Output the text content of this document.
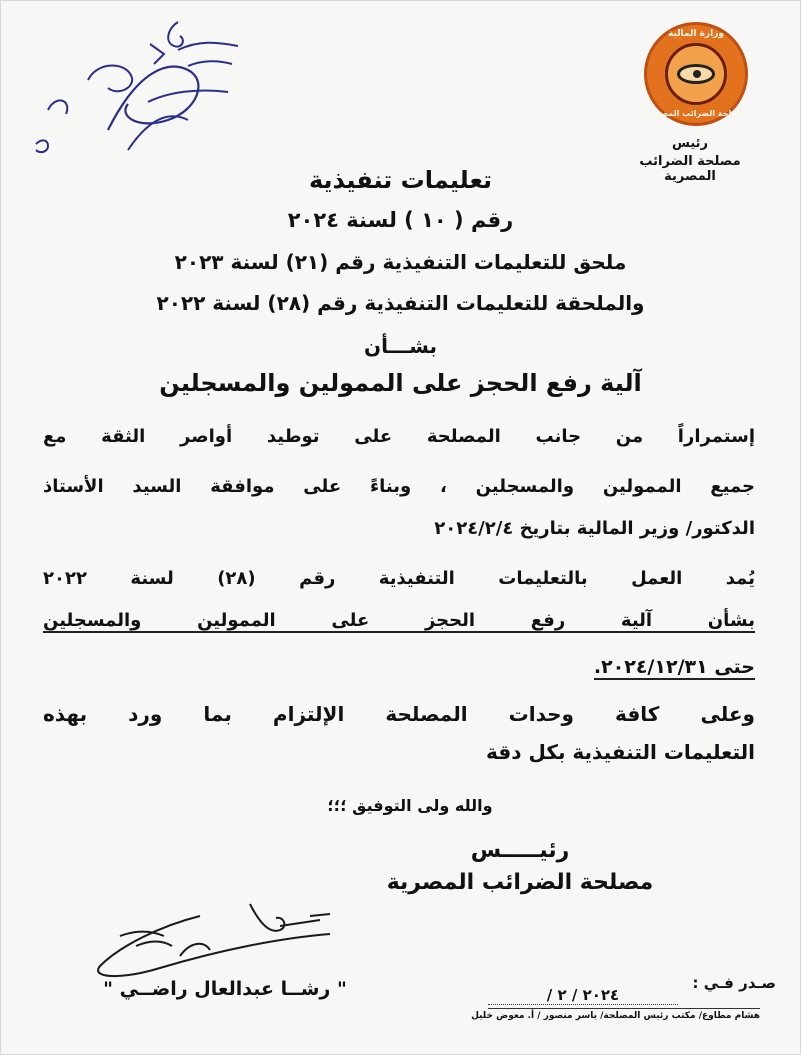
وزارة المالية
مصلحة الضرائب المصرية
رئيس
مصلحة الضرائب المصرية
تعليمات تنفيذية
رقم ( ١٠ ) لسنة ٢٠٢٤
ملحق للتعليمات التنفيذية رقم (٢١) لسنة ٢٠٢٣
والملحقة للتعليمات التنفيذية رقم (٢٨) لسنة ٢٠٢٢
بشـــأن
آلية رفع الحجز على الممولين والمسجلين
إستمراراً من جانب المصلحة على توطيد أواصر الثقة مع
جميع الممولين والمسجلين ، وبناءً على موافقة السيد الأستاذ
الدكتور/ وزير المالية بتاريخ ٢٠٢٤/٢/٤
يُمد العمل بالتعليمات التنفيذية رقم (٢٨) لسنة ٢٠٢٢
بشأن آلية رفع الحجز على الممولين والمسجلين
حتى ٢٠٢٤/١٢/٣١.
وعلى كافة وحدات المصلحة الإلتزام بما ورد بهذه
التعليمات التنفيذية بكل دقة
والله ولى التوفيق ؛؛؛
رئيـــــس
مصلحة الضرائب المصرية
" رشــا عبدالعال راضــي "	صـدر فـي :
٢٠٢٤ / ٢ /
هشام مطاوع/ مكتب رئيس المصلحة/ ياسر منصور / أ. معوض خليل
